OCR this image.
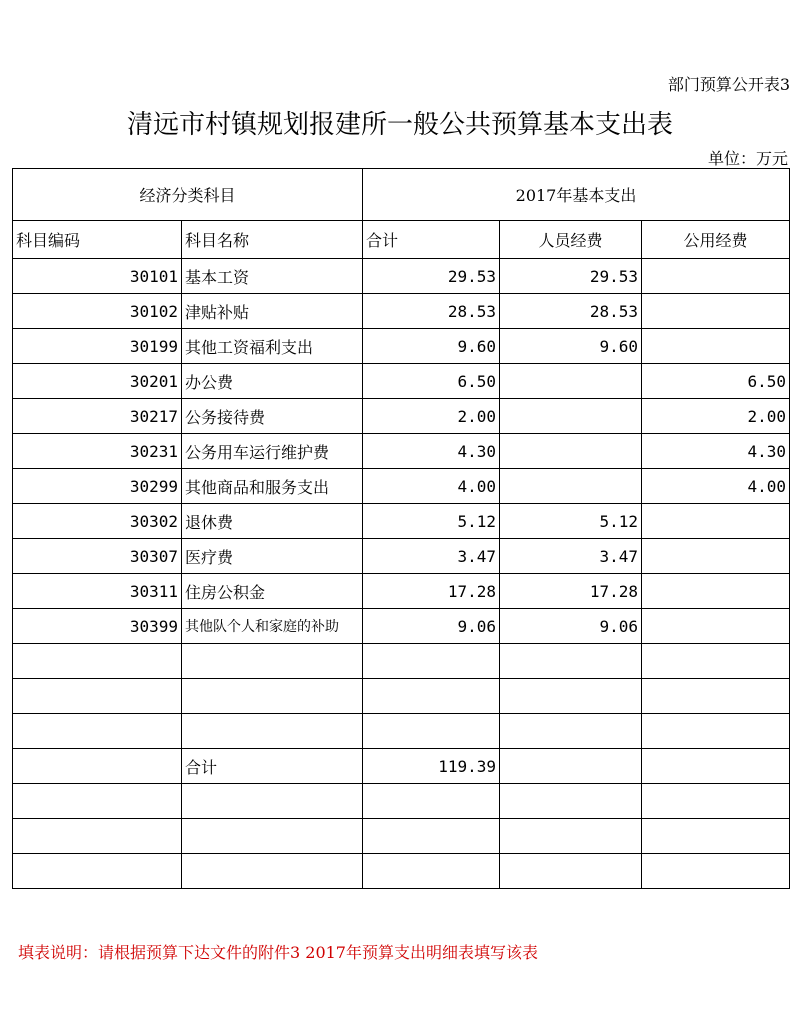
部门预算公开表3
清远市村镇规划报建所一般公共预算基本支出表
单位：万元
经济分类科目		2017年基本支出		
科目编码	科目名称	合计	人员经费	公用经费
30101	基本工资	29.53	29.53	
30102	津贴补贴	28.53	28.53	
30199	其他工资福利支出	9.60	9.60	
30201	办公费	6.50		6.50
30217	公务接待费	2.00		2.00
30231	公务用车运行维护费	4.30		4.30
30299	其他商品和服务支出	4.00		4.00
30302	退休费	5.12	5.12	
30307	医疗费	3.47	3.47	
30311	住房公积金	17.28	17.28	
30399	其他队个人和家庭的补助	9.06	9.06	

	合计	119.39		

填表说明：请根据预算下达文件的附件3 2017年预算支出明细表填写该表
